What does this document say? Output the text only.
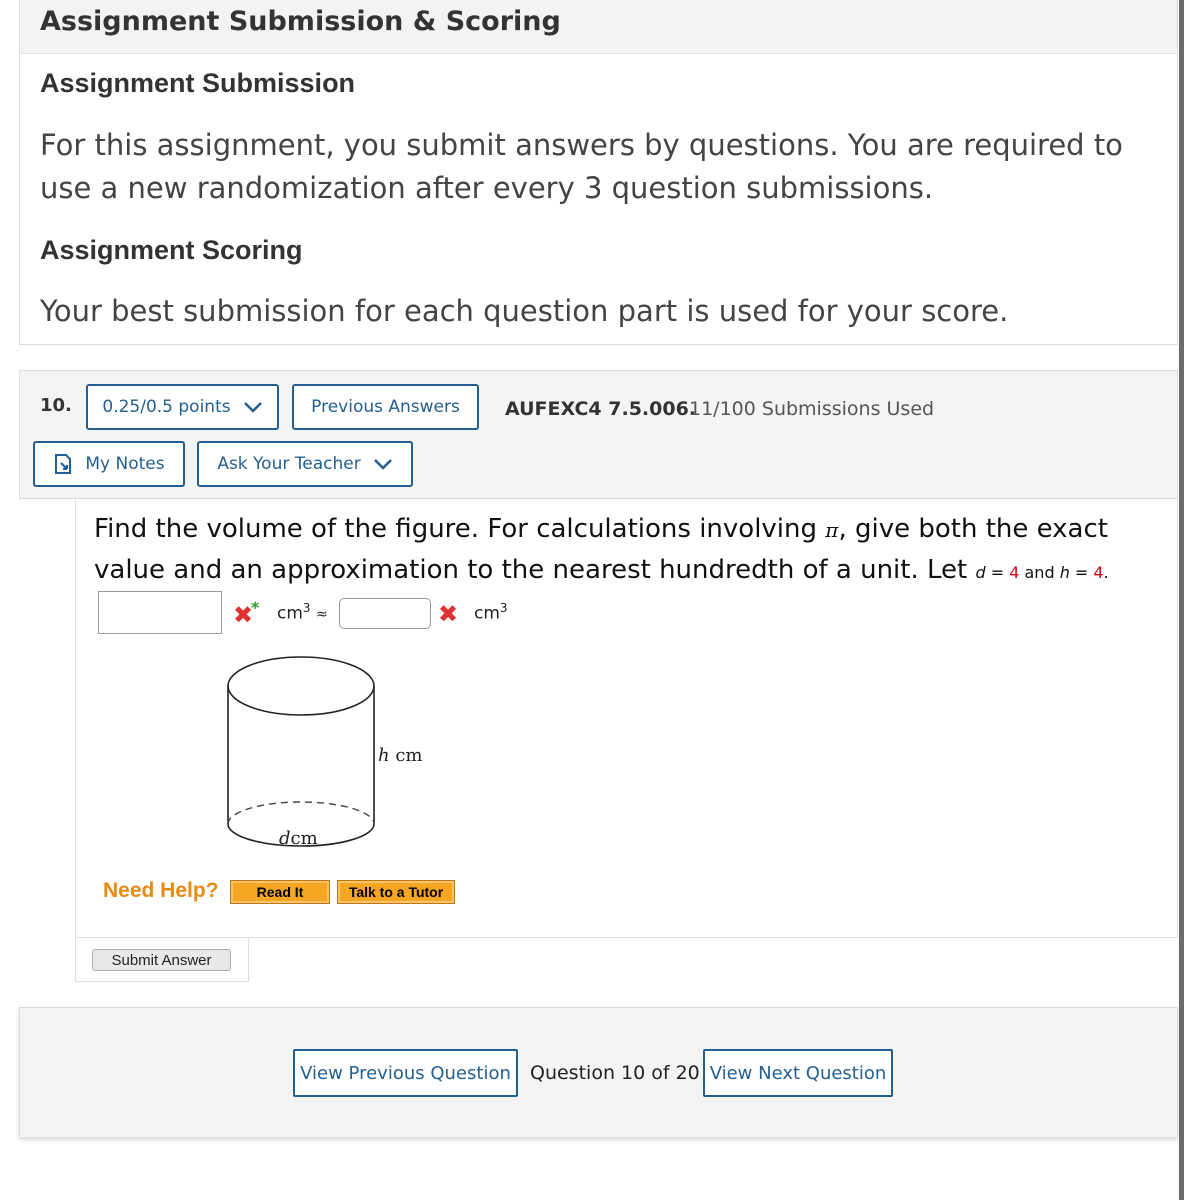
Assignment Submission & Scoring
Assignment Submission
For this assignment, you submit answers by questions. You are required to use a new randomization after every 3 question submissions.
Assignment Scoring
Your best submission for each question part is used for your score.
10. 0.25/0.5 points	Previous Answers AUFEXC4 7.5.006.
11/100 Submissions Used
My Notes	Ask Your Teacher
Find the volume of the figure. For calculations involving π, give both the exact value and an approximation to the nearest hundredth of a unit. Let d = 4 and h = 4.
✖
* $cm^3$ ≈	✖ $cm^3$
h cm
dcm
Need Help?	Read It	Talk to a Tutor
Submit Answer
View Previous Question	Question 10 of 20 View Next Question
